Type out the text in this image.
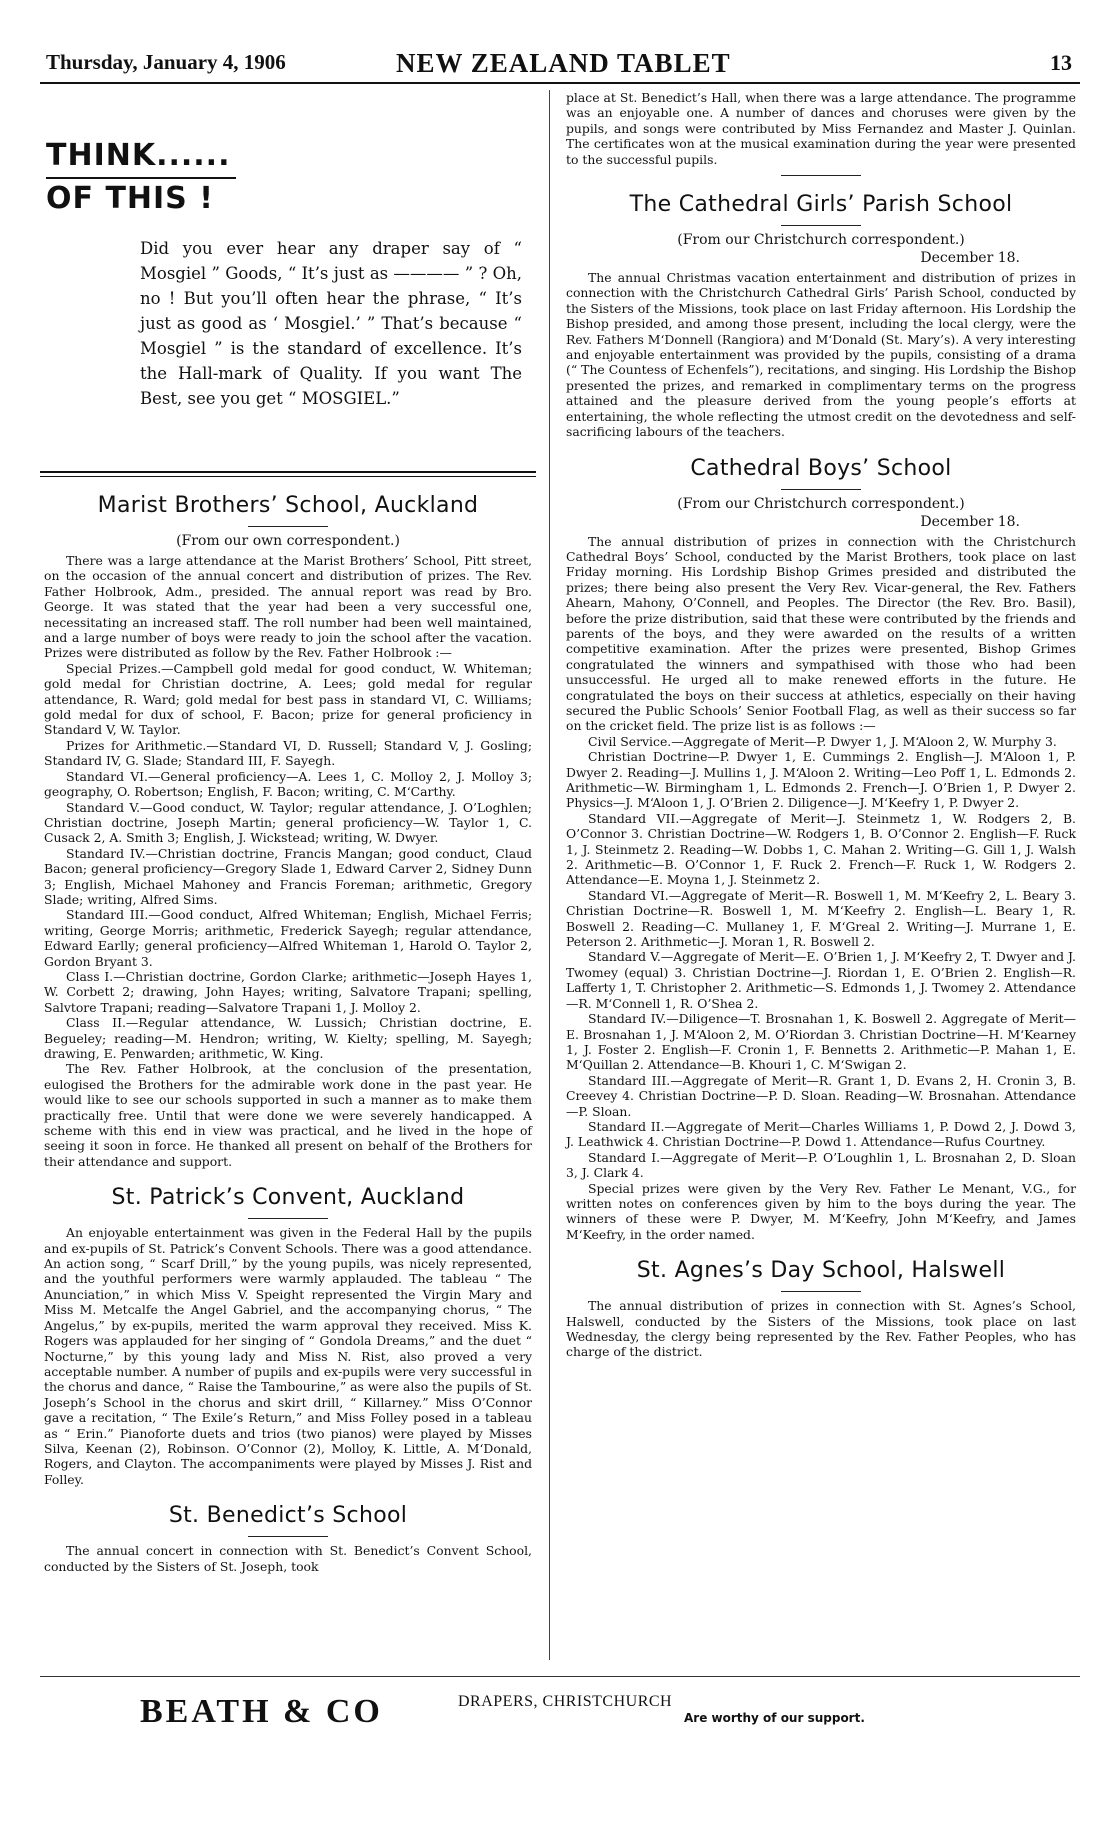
Thursday, January 4, 1906	NEW ZEALAND TABLET	13
THINK......
OF THIS !
Did you ever hear any draper say of “ Mosgiel ” Goods, “ It’s just as ———— ” ? Oh, no ! But you’ll often hear the phrase, “ It’s just as good as ‘ Mosgiel.’ ” That’s because “ Mosgiel ” is the standard of excellence. It’s the Hall-mark of Quality. If you want The Best, see you get “ MOSGIEL.”
Marist Brothers’ School, Auckland
(From our own correspondent.)

There was a large attendance at the Marist Brothers’ School, Pitt street, on the occasion of the annual concert and distribution of prizes. The Rev. Father Holbrook, Adm., presided. The annual report was read by Bro. George. It was stated that the year had been a very successful one, necessitating an increased staff. The roll number had been well maintained, and a large number of boys were ready to join the school after the vacation. Prizes were distributed as follow by the Rev. Father Holbrook :—

Special Prizes.—Campbell gold medal for good conduct, W. Whiteman; gold medal for Christian doctrine, A. Lees; gold medal for regular attendance, R. Ward; gold medal for best pass in standard VI, C. Williams; gold medal for dux of school, F. Bacon; prize for general proficiency in Standard V, W. Taylor.

Prizes for Arithmetic.—Standard VI, D. Russell; Standard V, J. Gosling; Standard IV, G. Slade; Standard III, F. Sayegh.

Standard VI.—General proficiency—A. Lees 1, C. Molloy 2, J. Molloy 3; geography, O. Robertson; English, F. Bacon; writing, C. M‘Carthy.

Standard V.—Good conduct, W. Taylor; regular attendance, J. O’Loghlen; Christian doctrine, Joseph Martin; general proficiency—W. Taylor 1, C. Cusack 2, A. Smith 3; English, J. Wickstead; writing, W. Dwyer.

Standard IV.—Christian doctrine, Francis Mangan; good conduct, Claud Bacon; general proficiency—Gregory Slade 1, Edward Carver 2, Sidney Dunn 3; English, Michael Mahoney and Francis Foreman; arithmetic, Gregory Slade; writing, Alfred Sims.

Standard III.—Good conduct, Alfred Whiteman; English, Michael Ferris; writing, George Morris; arithmetic, Frederick Sayegh; regular attendance, Edward Earlly; general proficiency—Alfred Whiteman 1, Harold O. Taylor 2, Gordon Bryant 3.

Class I.—Christian doctrine, Gordon Clarke; arithmetic—Joseph Hayes 1, W. Corbett 2; drawing, John Hayes; writing, Salvatore Trapani; spelling, Salvtore Trapani; reading—Salvatore Trapani 1, J. Molloy 2.

Class II.—Regular attendance, W. Lussich; Christian doctrine, E. Begueley; reading—M. Hendron; writing, W. Kielty; spelling, M. Sayegh; drawing, E. Penwarden; arithmetic, W. King.

The Rev. Father Holbrook, at the conclusion of the presentation, eulogised the Brothers for the admirable work done in the past year. He would like to see our schools supported in such a manner as to make them practically free. Until that were done we were severely handicapped. A scheme with this end in view was practical, and he lived in the hope of seeing it soon in force. He thanked all present on behalf of the Brothers for their attendance and support.

St. Patrick’s Convent, Auckland

An enjoyable entertainment was given in the Federal Hall by the pupils and ex-pupils of St. Patrick’s Convent Schools. There was a good attendance. An action song, “ Scarf Drill,” by the young pupils, was nicely represented, and the youthful performers were warmly applauded. The tableau “ The Anunciation,” in which Miss V. Speight represented the Virgin Mary and Miss M. Metcalfe the Angel Gabriel, and the accompanying chorus, “ The Angelus,” by ex-pupils, merited the warm approval they received. Miss K. Rogers was applauded for her singing of “ Gondola Dreams,” and the duet “ Nocturne,” by this young lady and Miss N. Rist, also proved a very acceptable number. A number of pupils and ex-pupils were very successful in the chorus and dance, “ Raise the Tambourine,” as were also the pupils of St. Joseph’s School in the chorus and skirt drill, “ Killarney.” Miss O’Connor gave a recitation, “ The Exile’s Return,” and Miss Folley posed in a tableau as “ Erin.” Pianoforte duets and trios (two pianos) were played by Misses Silva, Keenan (2), Robinson. O’Connor (2), Molloy, K. Little, A. M‘Donald, Rogers, and Clayton. The accompaniments were played by Misses J. Rist and Folley.

St. Benedict’s School

The annual concert in connection with St. Benedict’s Convent School, conducted by the Sisters of St. Joseph, took

place at St. Benedict’s Hall, when there was a large attendance. The programme was an enjoyable one. A number of dances and choruses were given by the pupils, and songs were contributed by Miss Fernandez and Master J. Quinlan. The certificates won at the musical examination during the year were presented to the successful pupils.

The Cathedral Girls’ Parish School
(From our Christchurch correspondent.)
December 18.

The annual Christmas vacation entertainment and distribution of prizes in connection with the Christchurch Cathedral Girls’ Parish School, conducted by the Sisters of the Missions, took place on last Friday afternoon. His Lordship the Bishop presided, and among those present, including the local clergy, were the Rev. Fathers M‘Donnell (Rangiora) and M‘Donald (St. Mary’s). A very interesting and enjoyable entertainment was provided by the pupils, consisting of a drama (“ The Countess of Echenfels”), recitations, and singing. His Lordship the Bishop presented the prizes, and remarked in complimentary terms on the progress attained and the pleasure derived from the young people’s efforts at entertaining, the whole reflecting the utmost credit on the devotedness and self-sacrificing labours of the teachers.

Cathedral Boys’ School
(From our Christchurch correspondent.)
December 18.

The annual distribution of prizes in connection with the Christchurch Cathedral Boys’ School, conducted by the Marist Brothers, took place on last Friday morning. His Lordship Bishop Grimes presided and distributed the prizes; there being also present the Very Rev. Vicar-general, the Rev. Fathers Ahearn, Mahony, O’Connell, and Peoples. The Director (the Rev. Bro. Basil), before the prize distribution, said that these were contributed by the friends and parents of the boys, and they were awarded on the results of a written competitive examination. After the prizes were presented, Bishop Grimes congratulated the winners and sympathised with those who had been unsuccessful. He urged all to make renewed efforts in the future. He congratulated the boys on their success at athletics, especially on their having secured the Public Schools’ Senior Football Flag, as well as their success so far on the cricket field. The prize list is as follows :—

Civil Service.—Aggregate of Merit—P. Dwyer 1, J. M‘Aloon 2, W. Murphy 3.

Christian Doctrine—P. Dwyer 1, E. Cummings 2. English—J. M‘Aloon 1, P. Dwyer 2. Reading—J. Mullins 1, J. M‘Aloon 2. Writing—Leo Poff 1, L. Edmonds 2. Arithmetic—W. Birmingham 1, L. Edmonds 2. French—J. O’Brien 1, P. Dwyer 2. Physics—J. M‘Aloon 1, J. O’Brien 2. Diligence—J. M‘Keefry 1, P. Dwyer 2.

Standard VII.—Aggregate of Merit—J. Steinmetz 1, W. Rodgers 2, B. O’Connor 3. Christian Doctrine—W. Rodgers 1, B. O’Connor 2. English—F. Ruck 1, J. Steinmetz 2. Reading—W. Dobbs 1, C. Mahan 2. Writing—G. Gill 1, J. Walsh 2. Arithmetic—B. O’Connor 1, F. Ruck 2. French—F. Ruck 1, W. Rodgers 2. Attendance—E. Moyna 1, J. Steinmetz 2.

Standard VI.—Aggregate of Merit—R. Boswell 1, M. M‘Keefry 2, L. Beary 3. Christian Doctrine—R. Boswell 1, M. M‘Keefry 2. English—L. Beary 1, R. Boswell 2. Reading—C. Mullaney 1, F. M‘Greal 2. Writing—J. Murrane 1, E. Peterson 2. Arithmetic—J. Moran 1, R. Boswell 2.

Standard V.—Aggregate of Merit—E. O’Brien 1, J. M‘Keefry 2, T. Dwyer and J. Twomey (equal) 3. Christian Doctrine—J. Riordan 1, E. O’Brien 2. English—R. Lafferty 1, T. Christopher 2. Arithmetic—S. Edmonds 1, J. Twomey 2. Attendance—R. M‘Connell 1, R. O’Shea 2.

Standard IV.—Diligence—T. Brosnahan 1, K. Boswell 2. Aggregate of Merit—E. Brosnahan 1, J. M‘Aloon 2, M. O’Riordan 3. Christian Doctrine—H. M‘Kearney 1, J. Foster 2. English—F. Cronin 1, F. Bennetts 2. Arithmetic—P. Mahan 1, E. M‘Quillan 2. Attendance—B. Khouri 1, C. M‘Swigan 2.

Standard III.—Aggregate of Merit—R. Grant 1, D. Evans 2, H. Cronin 3, B. Creevey 4. Christian Doctrine—P. D. Sloan. Reading—W. Brosnahan. Attendance—P. Sloan.

Standard II.—Aggregate of Merit—Charles Williams 1, P. Dowd 2, J. Dowd 3, J. Leathwick 4. Christian Doctrine—P. Dowd 1. Attendance—Rufus Courtney.

Standard I.—Aggregate of Merit—P. O’Loughlin 1, L. Brosnahan 2, D. Sloan 3, J. Clark 4.

Special prizes were given by the Very Rev. Father Le Menant, V.G., for written notes on conferences given by him to the boys during the year. The winners of these were P. Dwyer, M. M‘Keefry, John M‘Keefry, and James M‘Keefry, in the order named.

St. Agnes’s Day School, Halswell

The annual distribution of prizes in connection with St. Agnes’s School, Halswell, conducted by the Sisters of the Missions, took place on last Wednesday, the clergy being represented by the Rev. Father Peoples, who has charge of the district.

BEATH & CO	DRAPERS, CHRISTCHURCH
Are worthy of our support.
